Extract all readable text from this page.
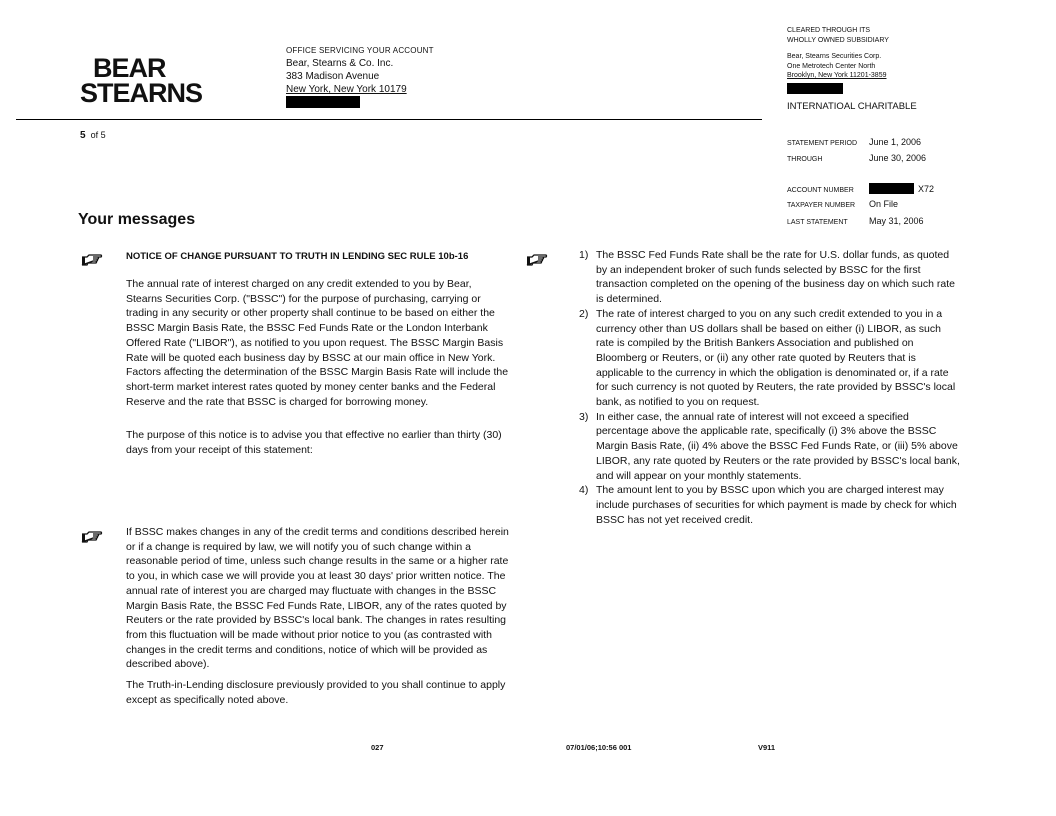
BEAR
STEARNS
OFFICE SERVICING YOUR ACCOUNT
Bear, Stearns & Co. Inc.
383 Madison Avenue
New York, New York 10179
5 of 5
CLEARED THROUGH ITS
WHOLLY OWNED SUBSIDIARY
Bear, Stearns Securities Corp.
One Metrotech Center North
Brooklyn, New York 11201-3859
INTERNATIOAL CHARITABLE
STATEMENT PERIOD June 1, 2006
THROUGH	June 30, 2006
ACCOUNT NUMBER	X72
TAXPAYER NUMBER On File
LAST STATEMENT May 31, 2006
Your messages
NOTICE OF CHANGE PURSUANT TO TRUTH IN LENDING SEC RULE 10b-16
The annual rate of interest charged on any credit extended to you by Bear, Stearns Securities Corp. ("BSSC") for the purpose of purchasing, carrying or trading in any security or other property shall continue to be based on either the BSSC Margin Basis Rate, the BSSC Fed Funds Rate or the London Interbank Offered Rate ("LIBOR"), as notified to you upon request. The BSSC Margin Basis Rate will be quoted each business day by BSSC at our main office in New York. Factors affecting the determination of the BSSC Margin Basis Rate will include the short-term market interest rates quoted by money center banks and the Federal Reserve and the rate that BSSC is charged for borrowing money.
The purpose of this notice is to advise you that effective no earlier than thirty (30) days from your receipt of this statement:
If BSSC makes changes in any of the credit terms and conditions described herein or if a change is required by law, we will notify you of such change within a reasonable period of time, unless such change results in the same or a higher rate to you, in which case we will provide you at least 30 days' prior written notice. The annual rate of interest you are charged may fluctuate with changes in the BSSC Margin Basis Rate, the BSSC Fed Funds Rate, LIBOR, any of the rates quoted by Reuters or the rate provided by BSSC's local bank. The changes in rates resulting from this fluctuation will be made without prior notice to you (as contrasted with changes in the credit terms and conditions, notice of which will be provided as described above).
The Truth-in-Lending disclosure previously provided to you shall continue to apply except as specifically noted above.
1) The BSSC Fed Funds Rate shall be the rate for U.S. dollar funds, as quoted by an independent broker of such funds selected by BSSC for the first transaction completed on the opening of the business day on which such rate is determined.
2) The rate of interest charged to you on any such credit extended to you in a currency other than US dollars shall be based on either (i) LIBOR, as such rate is compiled by the British Bankers Association and published on Bloomberg or Reuters, or (ii) any other rate quoted by Reuters that is applicable to the currency in which the obligation is denominated or, if a rate for such currency is not quoted by Reuters, the rate provided by BSSC's local bank, as notified to you on request.
3) In either case, the annual rate of interest will not exceed a specified percentage above the applicable rate, specifically (i) 3% above the BSSC Margin Basis Rate, (ii) 4% above the BSSC Fed Funds Rate, or (iii) 5% above LIBOR, any rate quoted by Reuters or the rate provided by BSSC's local bank, and will appear on your monthly statements.
4) The amount lent to you by BSSC upon which you are charged interest may include purchases of securities for which payment is made by check for which BSSC has not yet received credit.
027	07/01/06;10:56 001	V911
